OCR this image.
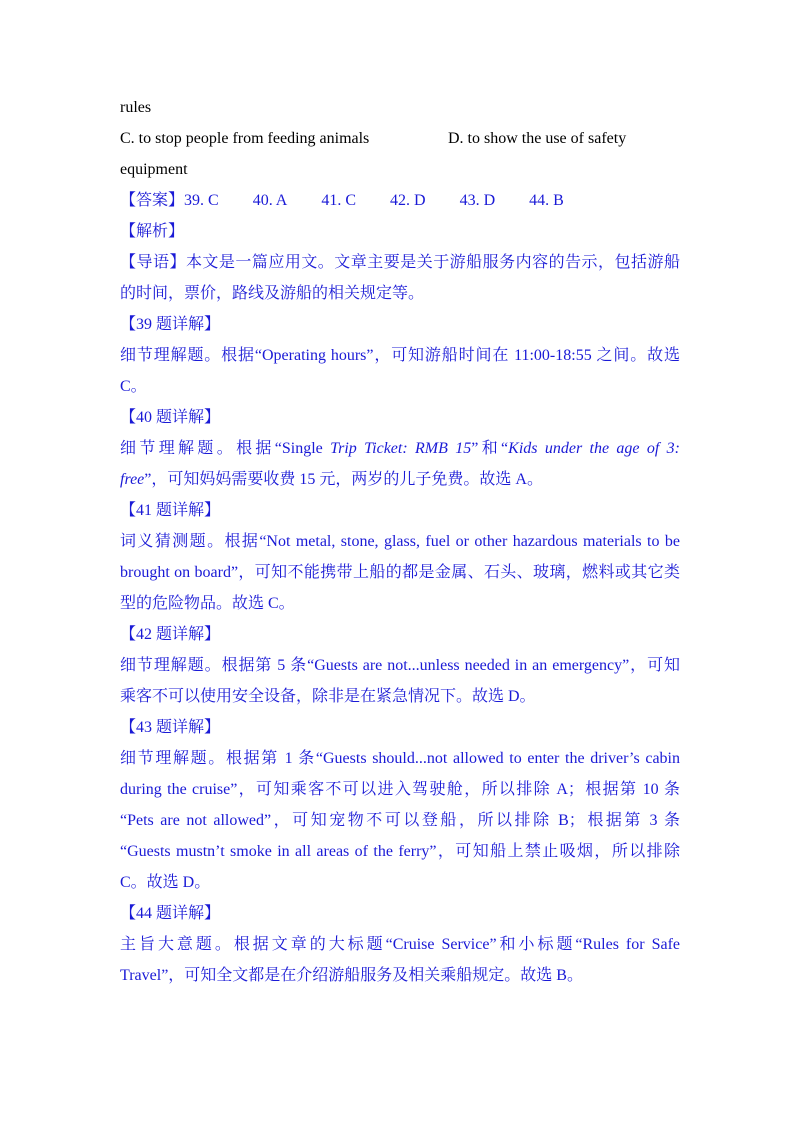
rules
C. to stop people from feeding animals	D. to show the use of safety
equipment
【答案】39. C 40. A 41. C 42. D 43. D 44. B
【解析】
【导语】本文是一篇应用文。文章主要是关于游船服务内容的告示，包括游船
的时间，票价，路线及游船的相关规定等。
【39 题详解】
细节理解题。根据“Operating hours”，可知游船时间在 11:00-18:55 之间。故选
C。
【40 题详解】
细节理解题。根据“Single Trip Ticket: RMB 15”和“Kids under the age of 3:
free”，可知妈妈需要收费 15 元，两岁的儿子免费。故选 A。
【41 题详解】
词义猜测题。根据“Not metal, stone, glass, fuel or other hazardous materials to be
brought on board”，可知不能携带上船的都是金属、石头、玻璃，燃料或其它类
型的危险物品。故选 C。
【42 题详解】
细节理解题。根据第 5 条“Guests are not...unless needed in an emergency”，可知
乘客不可以使用安全设备，除非是在紧急情况下。故选 D。
【43 题详解】
细节理解题。根据第 1 条“Guests should...not allowed to enter the driver’s cabin
during the cruise”，可知乘客不可以进入驾驶舱，所以排除 A；根据第 10 条
“Pets are not allowed”，可知宠物不可以登船，所以排除 B；根据第 3 条
“Guests mustn’t smoke in all areas of the ferry”，可知船上禁止吸烟，所以排除
C。故选 D。
【44 题详解】
主旨大意题。根据文章的大标题“Cruise Service”和小标题“Rules for Safe
Travel”，可知全文都是在介绍游船服务及相关乘船规定。故选 B。
